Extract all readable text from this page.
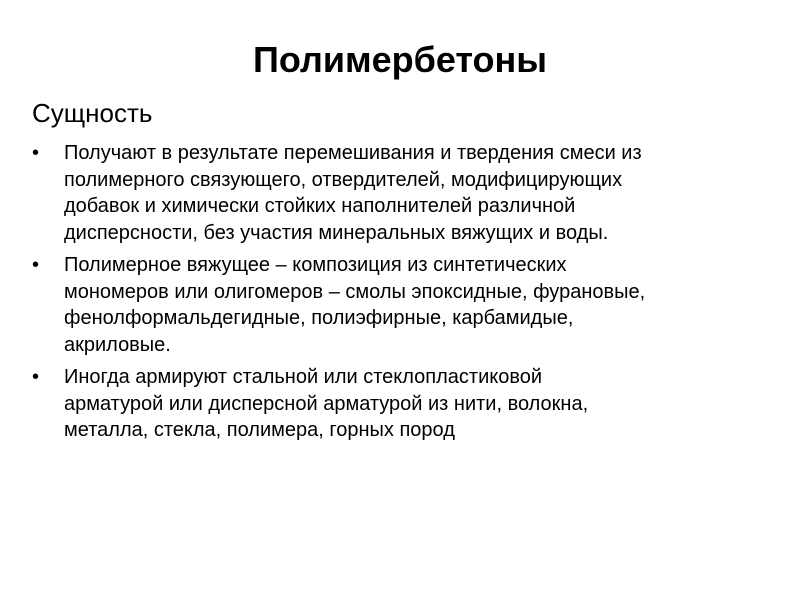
Полимербетоны
Сущность
•	Получают в результате перемешивания и твердения смеси из
полимерного связующего, отвердителей, модифицирующих
добавок и химически стойких наполнителей различной
дисперсности, без участия минеральных вяжущих и воды.
•	Полимерное вяжущее – композиция из синтетических
мономеров или олигомеров – смолы эпоксидные, фурановые,
фенолформальдегидные, полиэфирные, карбамидые,
акриловые.
•	Иногда армируют стальной или стеклопластиковой
арматурой или дисперсной арматурой из нити, волокна,
металла, стекла, полимера, горных пород
